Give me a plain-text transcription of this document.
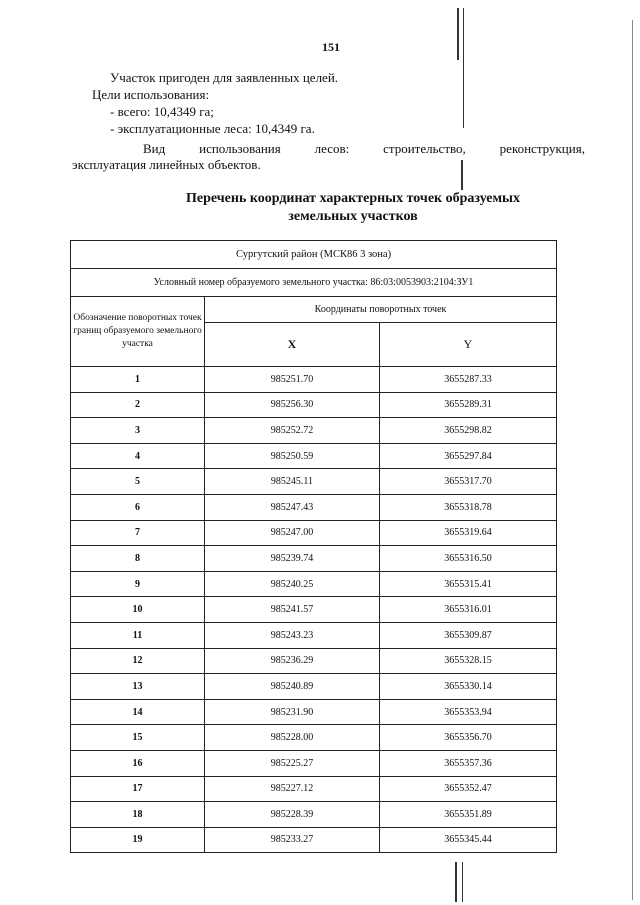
151
Участок пригоден для заявленных целей.
Цели использования:
- всего: 10,4349 га;
- эксплуатационные леса: 10,4349 га.
Вид	использования	лесов:	строительство,	реконструкция,
эксплуатация линейных объектов.
Перечень координат характерных точек образуемых
земельных участков
Сургутский район (МСК86 3 зона)		
Условный номер образуемого земельного участка: 86:03:0053903:2104:ЗУ1		
Обозначение поворотных точек границ образуемого земельного участка	Координаты поворотных точек	
	X	Y
1	985251.70	3655287.33
2	985256.30	3655289.31
3	985252.72	3655298.82
4	985250.59	3655297.84
5	985245.11	3655317.70
6	985247.43	3655318.78
7	985247.00	3655319.64
8	985239.74	3655316.50
9	985240.25	3655315.41
10	985241.57	3655316.01
11	985243.23	3655309.87
12	985236.29	3655328.15
13	985240.89	3655330.14
14	985231.90	3655353.94
15	985228.00	3655356.70
16	985225.27	3655357.36
17	985227.12	3655352.47
18	985228.39	3655351.89
19	985233.27	3655345.44
